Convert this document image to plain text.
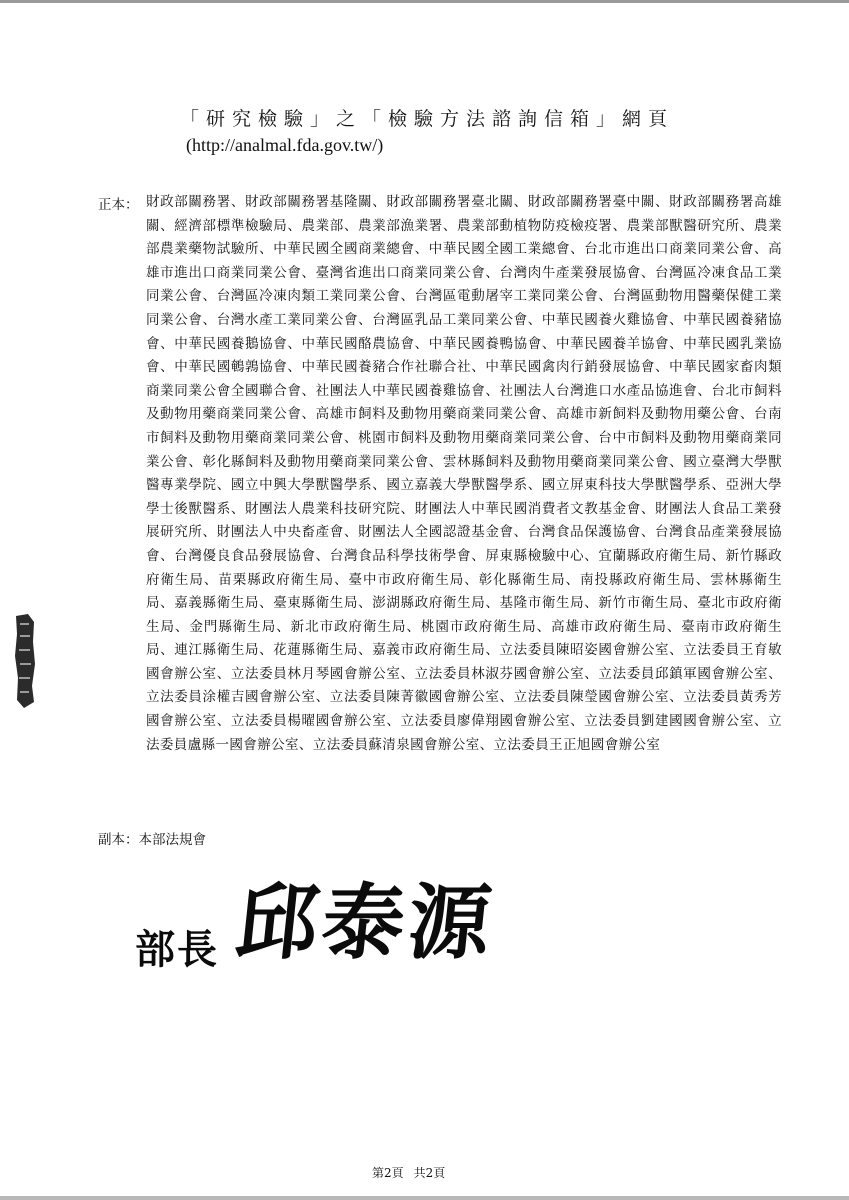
「研究檢驗」之「檢驗方法諮詢信箱」網頁
(http://analmal.fda.gov.tw/)
正本： 財政部關務署、財政部關務署基隆關、財政部關務署臺北關、財政部關務署臺中關、財政部關務署高雄關、經濟部標準檢驗局、農業部、農業部漁業署、農業部動植物防疫檢疫署、農業部獸醫研究所、農業部農業藥物試驗所、中華民國全國商業總會、中華民國全國工業總會、台北市進出口商業同業公會、高雄市進出口商業同業公會、臺灣省進出口商業同業公會、台灣肉牛產業發展協會、台灣區冷凍食品工業同業公會、台灣區冷凍肉類工業同業公會、台灣區電動屠宰工業同業公會、台灣區動物用醫藥保健工業同業公會、台灣水產工業同業公會、台灣區乳品工業同業公會、中華民國養火雞協會、中華民國養豬協會、中華民國養鵝協會、中華民國酪農協會、中華民國養鴨協會、中華民國養羊協會、中華民國乳業協會、中華民國鵪鶉協會、中華民國養豬合作社聯合社、中華民國禽肉行銷發展協會、中華民國家畜肉類商業同業公會全國聯合會、社團法人中華民國養雞協會、社團法人台灣進口水產品協進會、台北市飼料及動物用藥商業同業公會、高雄市飼料及動物用藥商業同業公會、高雄市新飼料及動物用藥公會、台南市飼料及動物用藥商業同業公會、桃園市飼料及動物用藥商業同業公會、台中市飼料及動物用藥商業同業公會、彰化縣飼料及動物用藥商業同業公會、雲林縣飼料及動物用藥商業同業公會、國立臺灣大學獸醫專業學院、國立中興大學獸醫學系、國立嘉義大學獸醫學系、國立屏東科技大學獸醫學系、亞洲大學學士後獸醫系、財團法人農業科技研究院、財團法人中華民國消費者文教基金會、財團法人食品工業發展研究所、財團法人中央畜產會、財團法人全國認證基金會、台灣食品保護協會、台灣食品產業發展協會、台灣優良食品發展協會、台灣食品科學技術學會、屏東縣檢驗中心、宜蘭縣政府衛生局、新竹縣政府衛生局、苗栗縣政府衛生局、臺中市政府衛生局、彰化縣衛生局、南投縣政府衛生局、雲林縣衛生局、嘉義縣衛生局、臺東縣衛生局、澎湖縣政府衛生局、基隆市衛生局、新竹市衛生局、臺北市政府衛生局、金門縣衛生局、新北市政府衛生局、桃園市政府衛生局、高雄市政府衛生局、臺南市政府衛生局、連江縣衛生局、花蓮縣衛生局、嘉義市政府衛生局、立法委員陳昭姿國會辦公室、立法委員王育敏國會辦公室、立法委員林月琴國會辦公室、立法委員林淑芬國會辦公室、立法委員邱鎮軍國會辦公室、立法委員涂權吉國會辦公室、立法委員陳菁徽國會辦公室、立法委員陳瑩國會辦公室、立法委員黃秀芳國會辦公室、立法委員楊曜國會辦公室、立法委員廖偉翔國會辦公室、立法委員劉建國國會辦公室、立法委員盧縣一國會辦公室、立法委員蘇清泉國會辦公室、立法委員王正旭國會辦公室
副本：本部法規會
部長 邱泰源
第2頁 共2頁
